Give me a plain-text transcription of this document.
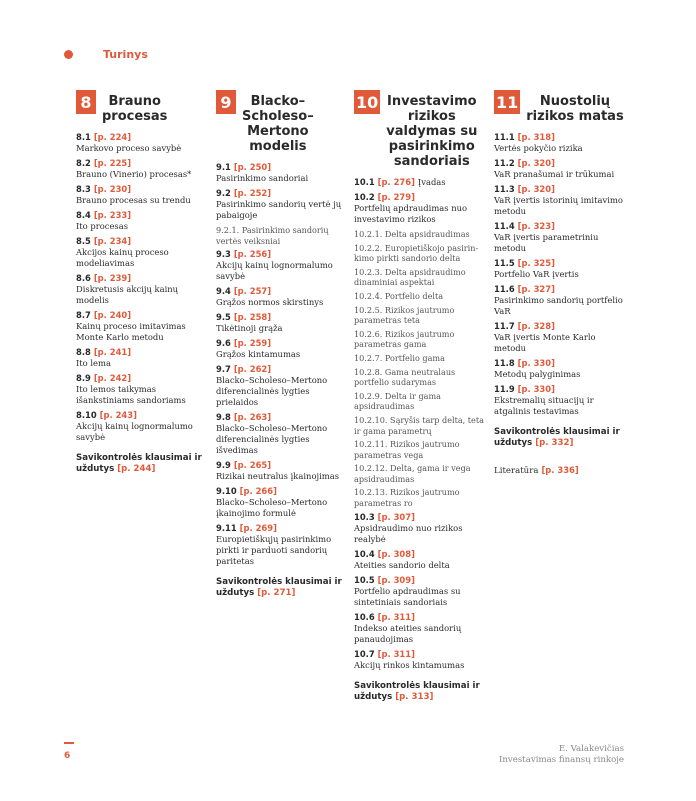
Turinys
8	Brauno
procesas
8.1 [p. 224]
Markovo proceso savybė
8.2 [p. 225]
Brauno (Vinerio) procesas*
8.3 [p. 230]
Brauno procesas su trendu
8.4 [p. 233]
Ito procesas
8.5 [p. 234]
Akcijos kainų proceso modeliavimas
8.6 [p. 239]
Diskretusis akcijų kainų modelis
8.7 [p. 240]
Kainų proceso imitavimas Monte Karlo metodu
8.8 [p. 241]
Ito lema
8.9 [p. 242]
Ito lemos taikymas išankstiniams sandoriams
8.10 [p. 243]
Akcijų kainų lognormalumo savybė
Savikontrolės klausimai ir uždutys [p. 244]
9	Blacko–
Scholeso–
Mertono
modelis
9.1 [p. 250]
Pasirinkimo sandoriai
9.2 [p. 252]
Pasirinkimo sandorių vertė jų pabaigoje
9.2.1. Pasirinkimo sandorių vertės veiksniai
9.3 [p. 256]
Akcijų kainų lognormalumo savybė
9.4 [p. 257]
Grąžos normos skirstinys
9.5 [p. 258]
Tikėtinoji grąža
9.6 [p. 259]
Grąžos kintamumas
9.7 [p. 262]
Blacko–Scholeso–Mertono diferencialinės lygties prielaidos
9.8 [p. 263]
Blacko–Scholeso–Mertono diferencialinės lygties išvedimas
9.9 [p. 265]
Rizikai neutralus įkainojimas
9.10 [p. 266]
Blacko–Scholeso–Mertono įkainojimo formulė
9.11 [p. 269]
Europietiškųjų pasirinkimo pirkti ir parduoti sandorių paritetas
Savikontrolės klausimai ir uždutys [p. 271]
10 Investavimo
rizikos
valdymas su
pasirinkimo
sandoriais
10.1 [p. 276] Įvadas
10.2 [p. 279]
Portfelių apdraudimas nuo investavimo rizikos
10.2.1. Delta apsidraudimas
10.2.2. Europietiškojo pasirin-kimo pirkti sandorio delta
10.2.3. Delta apsidraudimo dinaminiai aspektai
10.2.4. Portfelio delta
10.2.5. Rizikos jautrumo parametras teta
10.2.6. Rizikos jautrumo parametras gama
10.2.7. Portfelio gama
10.2.8. Gama neutralaus portfelio sudarymas
10.2.9. Delta ir gama apsidraudimas
10.2.10. Sąryšis tarp delta, teta ir gama parametrų
10.2.11. Rizikos jautrumo parametras vega
10.2.12. Delta, gama ir vega apsidraudimas
10.2.13. Rizikos jautrumo parametras ro
10.3 [p. 307]
Apsidraudimo nuo rizikos realybė
10.4 [p. 308]
Ateities sandorio delta
10.5 [p. 309]
Portfelio apdraudimas su sintetiniais sandoriais
10.6 [p. 311]
Indekso ateities sandorių panaudojimas
10.7 [p. 311]
Akcijų rinkos kintamumas
Savikontrolės klausimai ir uždutys [p. 313]
11	Nuostolių
rizikos matas
11.1 [p. 318]
Vertės pokyčio rizika
11.2 [p. 320]
VaR pranašumai ir trūkumai
11.3 [p. 320]
VaR įvertis istorinių imitavimo metodu
11.4 [p. 323]
VaR įvertis parametriniu metodu
11.5 [p. 325]
Portfelio VaR įvertis
11.6 [p. 327]
Pasirinkimo sandorių portfelio VaR
11.7 [p. 328]
VaR įvertis Monte Karlo metodu
11.8 [p. 330]
Metodų palyginimas
11.9 [p. 330]
Ekstremalių situacijų ir atgalinis testavimas
Savikontrolės klausimai ir uždutys [p. 332]
Literatūra [p. 336]
6
E. Valakevičias
Investavimas finansų rinkoje
